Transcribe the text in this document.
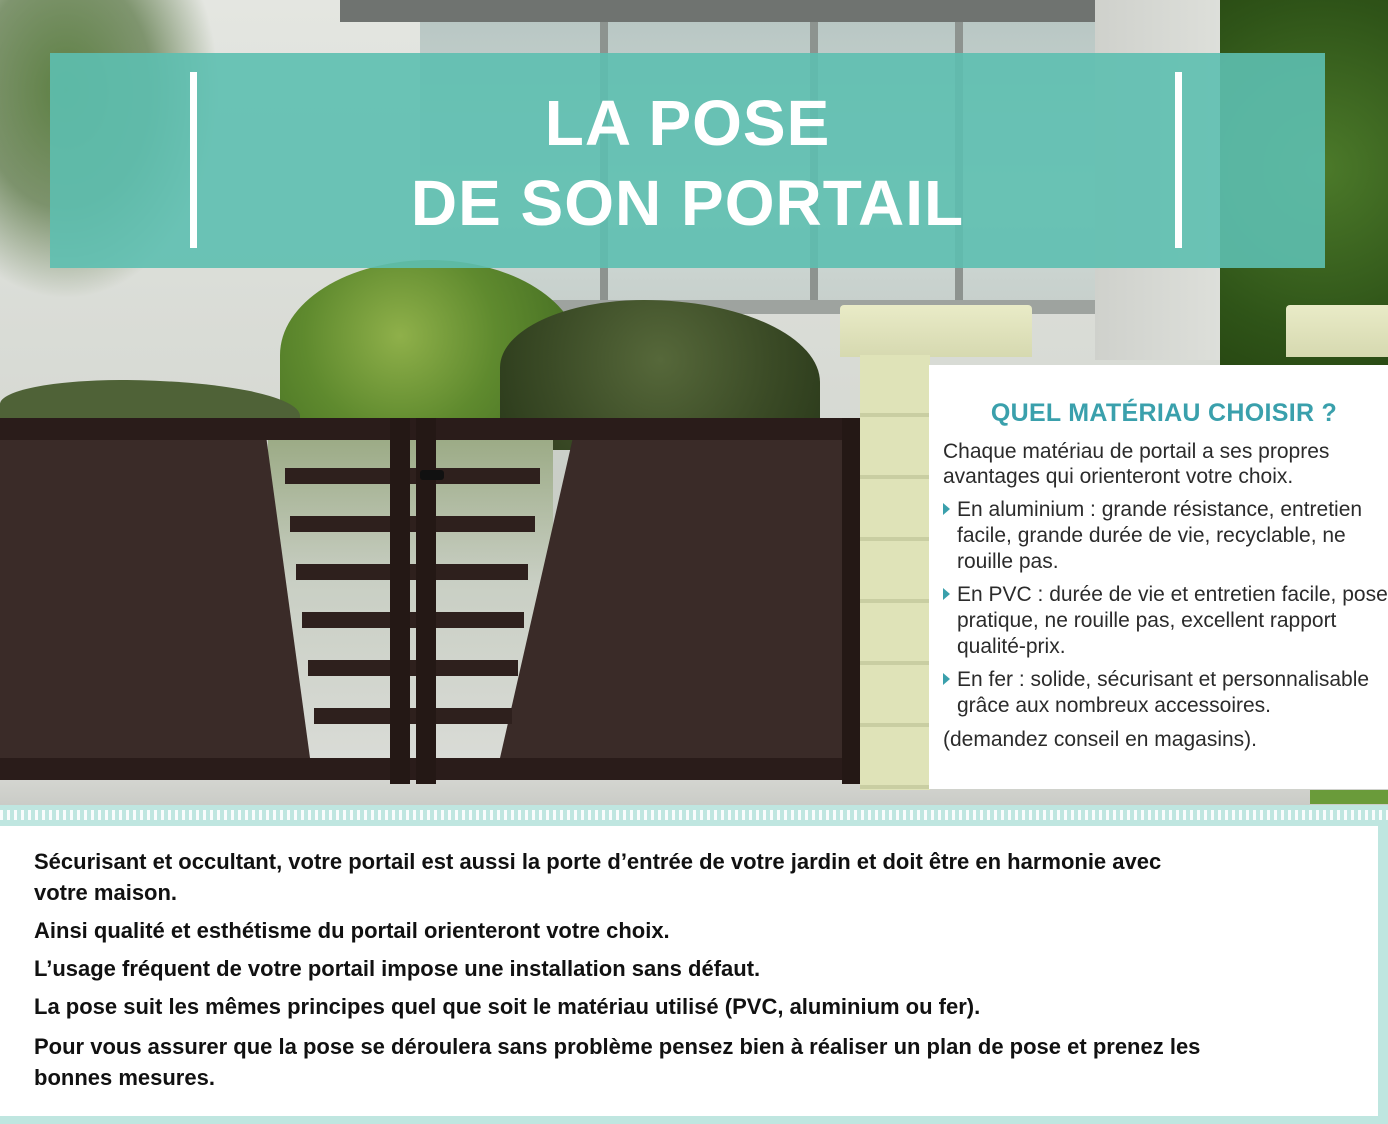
LA POSE
DE SON PORTAIL
QUEL MATÉRIAU CHOISIR ?

Chaque matériau de portail a ses propres avantages qui orienteront votre choix.

En aluminium : grande résistance, entretien facile, grande durée de vie, recyclable, ne rouille pas.
En PVC : durée de vie et entretien facile, pose pratique, ne rouille pas, excellent rapport qualité-prix.
En fer : solide, sécurisant et personnalisable grâce aux nombreux accessoires.

(demandez conseil en magasins).

Sécurisant et occultant, votre portail est aussi la porte d’entrée de votre jardin et doit être en harmonie avec votre maison.

Ainsi qualité et esthétisme du portail orienteront votre choix.

L’usage fréquent de votre portail impose une installation sans défaut.

La pose suit les mêmes principes quel que soit le matériau utilisé (PVC, aluminium ou fer).

Pour vous assurer que la pose se déroulera sans problème pensez bien à réaliser un plan de pose et prenez les bonnes mesures.
